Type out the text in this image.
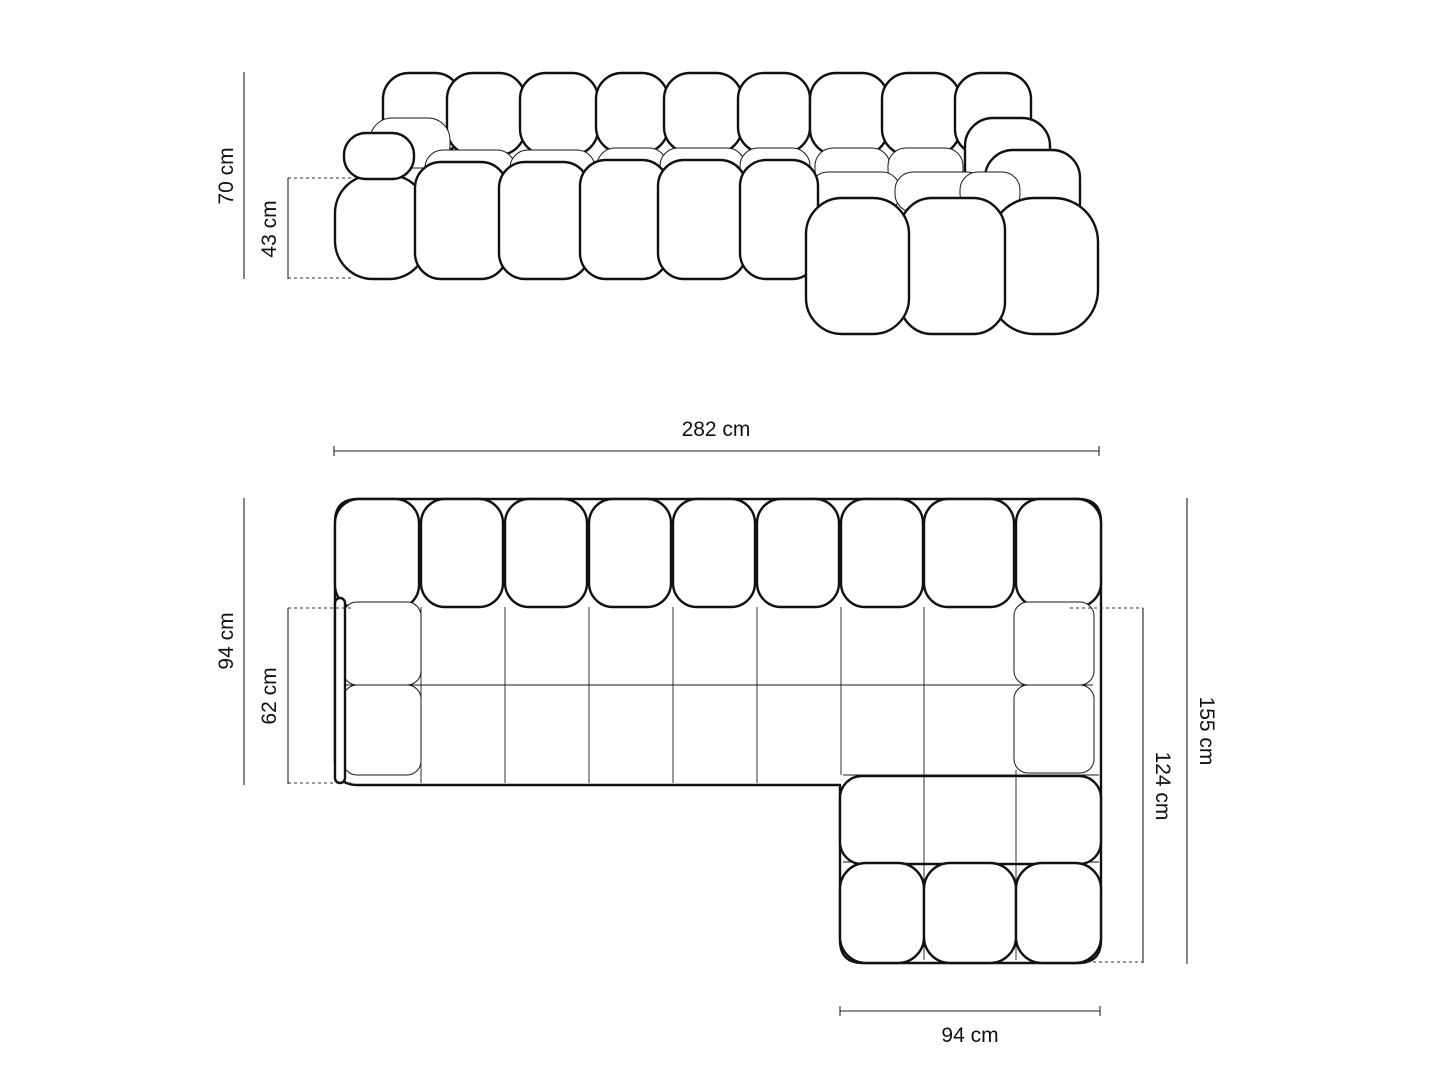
70 cm
43 cm
282 cm
94 cm
62 cm
155 cm
124 cm
94 cm
